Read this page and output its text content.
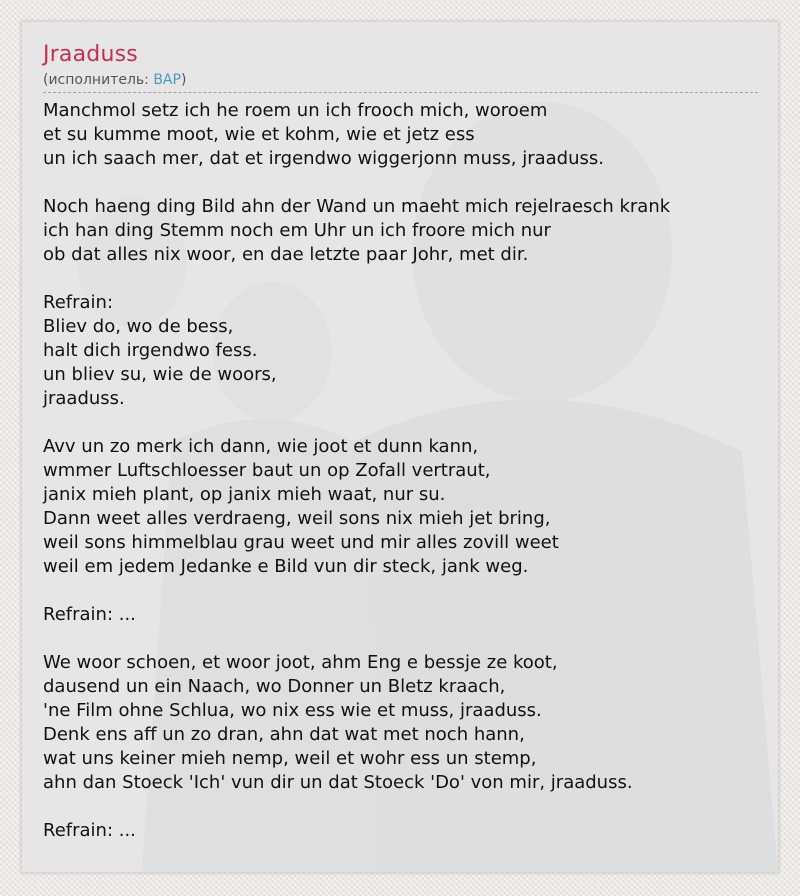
Jraaduss
(исполнитель: BAP)
Manchmol setz ich he roem un ich frooch mich, woroem
et su kumme moot, wie et kohm, wie et jetz ess
un ich saach mer, dat et irgendwo wiggerjonn muss, jraaduss.
Noch haeng ding Bild ahn der Wand un maeht mich rejelraesch krank
ich han ding Stemm noch em Uhr un ich froore mich nur
ob dat alles nix woor, en dae letzte paar Johr, met dir.
Refrain:
Bliev do, wo de bess,
halt dich irgendwo fess.
un bliev su, wie de woors,
jraaduss.
Avv un zo merk ich dann, wie joot et dunn kann,
wmmer Luftschloesser baut un op Zofall vertraut,
janix mieh plant, op janix mieh waat, nur su.
Dann weet alles verdraeng, weil sons nix mieh jet bring,
weil sons himmelblau grau weet und mir alles zovill weet
weil em jedem Jedanke e Bild vun dir steck, jank weg.
Refrain: ...
We woor schoen, et woor joot, ahm Eng e bessje ze koot,
dausend un ein Naach, wo Donner un Bletz kraach,
'ne Film ohne Schlua, wo nix ess wie et muss, jraaduss.
Denk ens aff un zo dran, ahn dat wat met noch hann,
wat uns keiner mieh nemp, weil et wohr ess un stemp,
ahn dan Stoeck 'Ich' vun dir un dat Stoeck 'Do' von mir, jraaduss.
Refrain: ...
